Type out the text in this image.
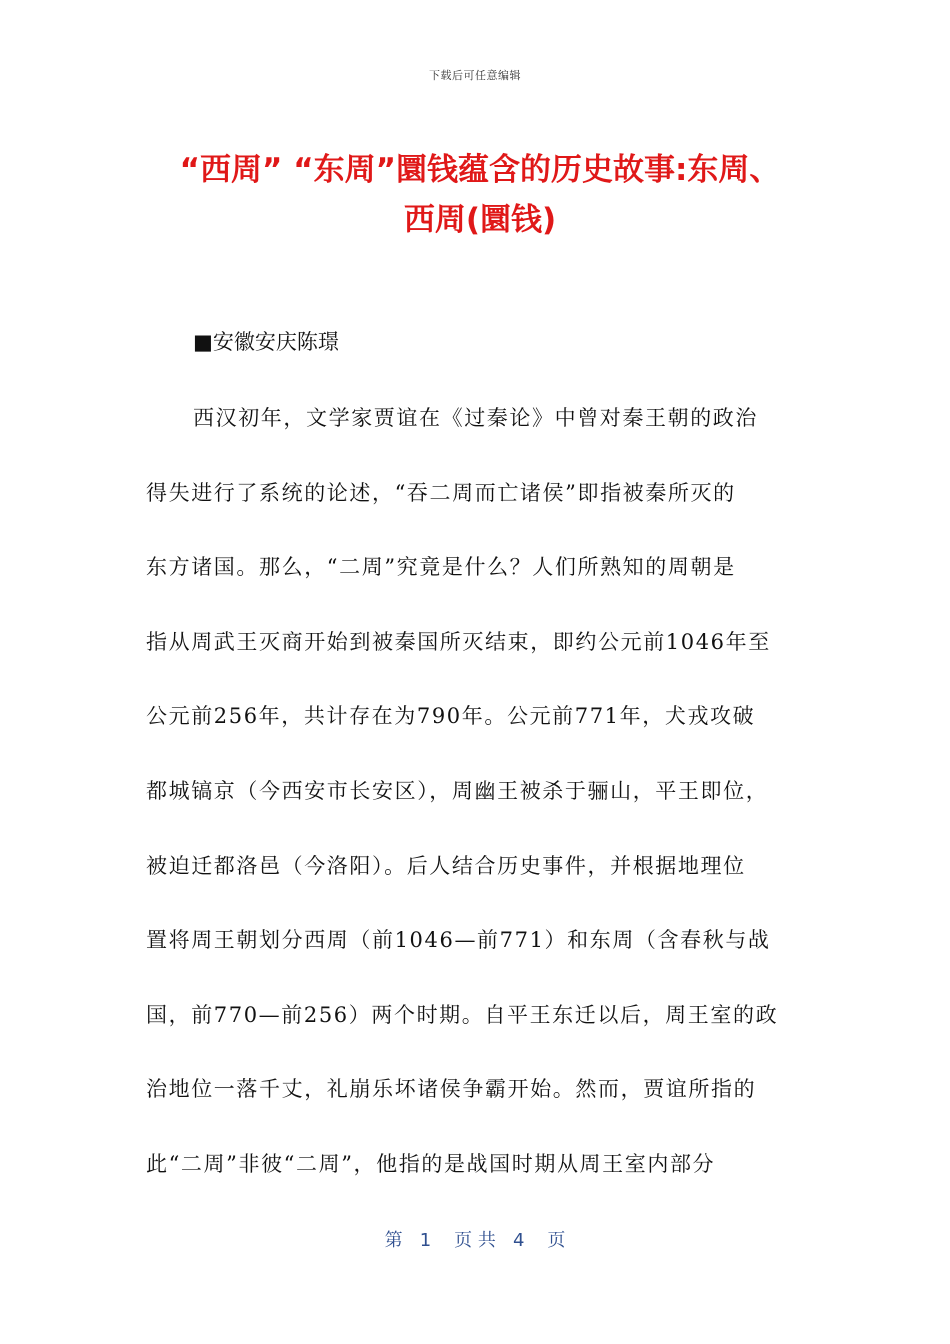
下载后可任意编辑
“西周” “东周”圜钱蕴含的历史故事:东周、
西周(圜钱)
■安徽安庆陈璟
西汉初年，文学家贾谊在《过秦论》中曾对秦王朝的政治
得失进行了系统的论述，“吞二周而亡诸侯”即指被秦所灭的
东方诸国。那么，“二周”究竟是什么？人们所熟知的周朝是
指从周武王灭商开始到被秦国所灭结束，即约公元前1046年至
公元前256年，共计存在为790年。公元前771年，犬戎攻破
都城镐京（今西安市长安区），周幽王被杀于骊山，平王即位，
被迫迁都洛邑（今洛阳）。后人结合历史事件，并根据地理位
置将周王朝划分西周（前1046—前771）和东周（含春秋与战
国，前770—前256）两个时期。自平王东迁以后，周王室的政
治地位一落千丈，礼崩乐坏诸侯争霸开始。然而，贾谊所指的
此“二周”非彼“二周”，他指的是战国时期从周王室内部分
第   1    页 共   4    页
